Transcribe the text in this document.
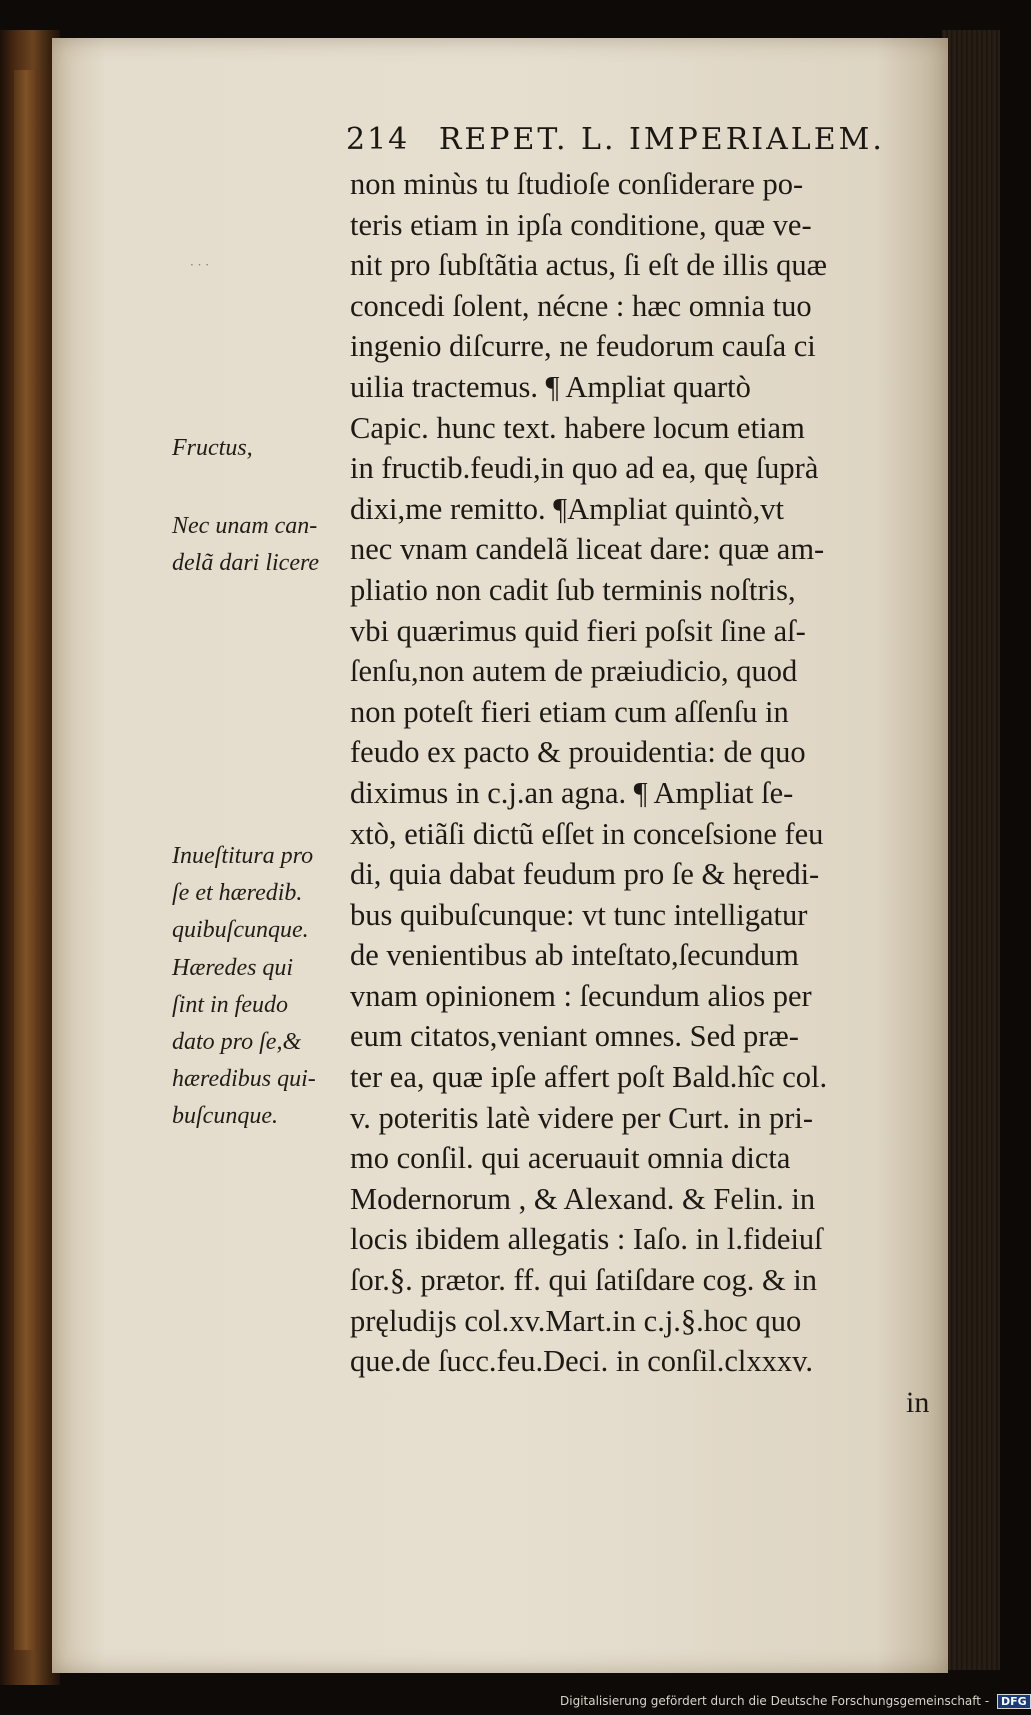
214 REPET. L. IMPERIALEM.
· · ·
Fructus,
Nec unam can-
delã dari licere
Inueſtitura pro
ſe et hæredib.
quibuſcunque.
Hæredes qui
ſint in feudo
dato pro ſe,&
hæredibus qui-
buſcunque.
non minùs tu ſtudioſe conſiderare po-
teris etiam in ipſa conditione, quæ ve-
nit pro ſubſtãtia actus, ſi eſt de illis quæ
concedi ſolent, nécne : hæc omnia tuo
ingenio diſcurre, ne feudorum cauſa ci
uilia tractemus. ¶ Ampliat quartò
Capic. hunc text. habere locum etiam
in fructib.feudi,in quo ad ea, quę ſuprà
dixi,me remitto. ¶Ampliat quintò,vt
nec vnam candelã liceat dare: quæ am-
pliatio non cadit ſub terminis noſtris,
vbi quærimus quid fieri poſsit ſine aſ-
ſenſu,non autem de præiudicio, quod
non poteſt fieri etiam cum aſſenſu in
feudo ex pacto & prouidentia: de quo
diximus in c.j.an agna. ¶ Ampliat ſe-
xtò, etiãſi dictũ eſſet in conceſsione feu
di, quia dabat feudum pro ſe & hęredi-
bus quibuſcunque: vt tunc intelligatur
de venientibus ab inteſtato,ſecundum
vnam opinionem : ſecundum alios per
eum citatos,veniant omnes. Sed præ-
ter ea, quæ ipſe affert poſt Bald.hîc col.
v. poteritis latè videre per Curt. in pri-
mo conſil. qui aceruauit omnia dicta
Modernorum , & Alexand. & Felin. in
locis ibidem allegatis : Iaſo. in l.fideiuſ
ſor.§. prætor. ff. qui ſatiſdare cog. & in
pręludijs col.xv.Mart.in c.j.§.hoc quo
que.de ſucc.feu.Deci. in conſil.clxxxv.
in
Digitalisierung gefördert durch die Deutsche Forschungsgemeinschaft - DFG
